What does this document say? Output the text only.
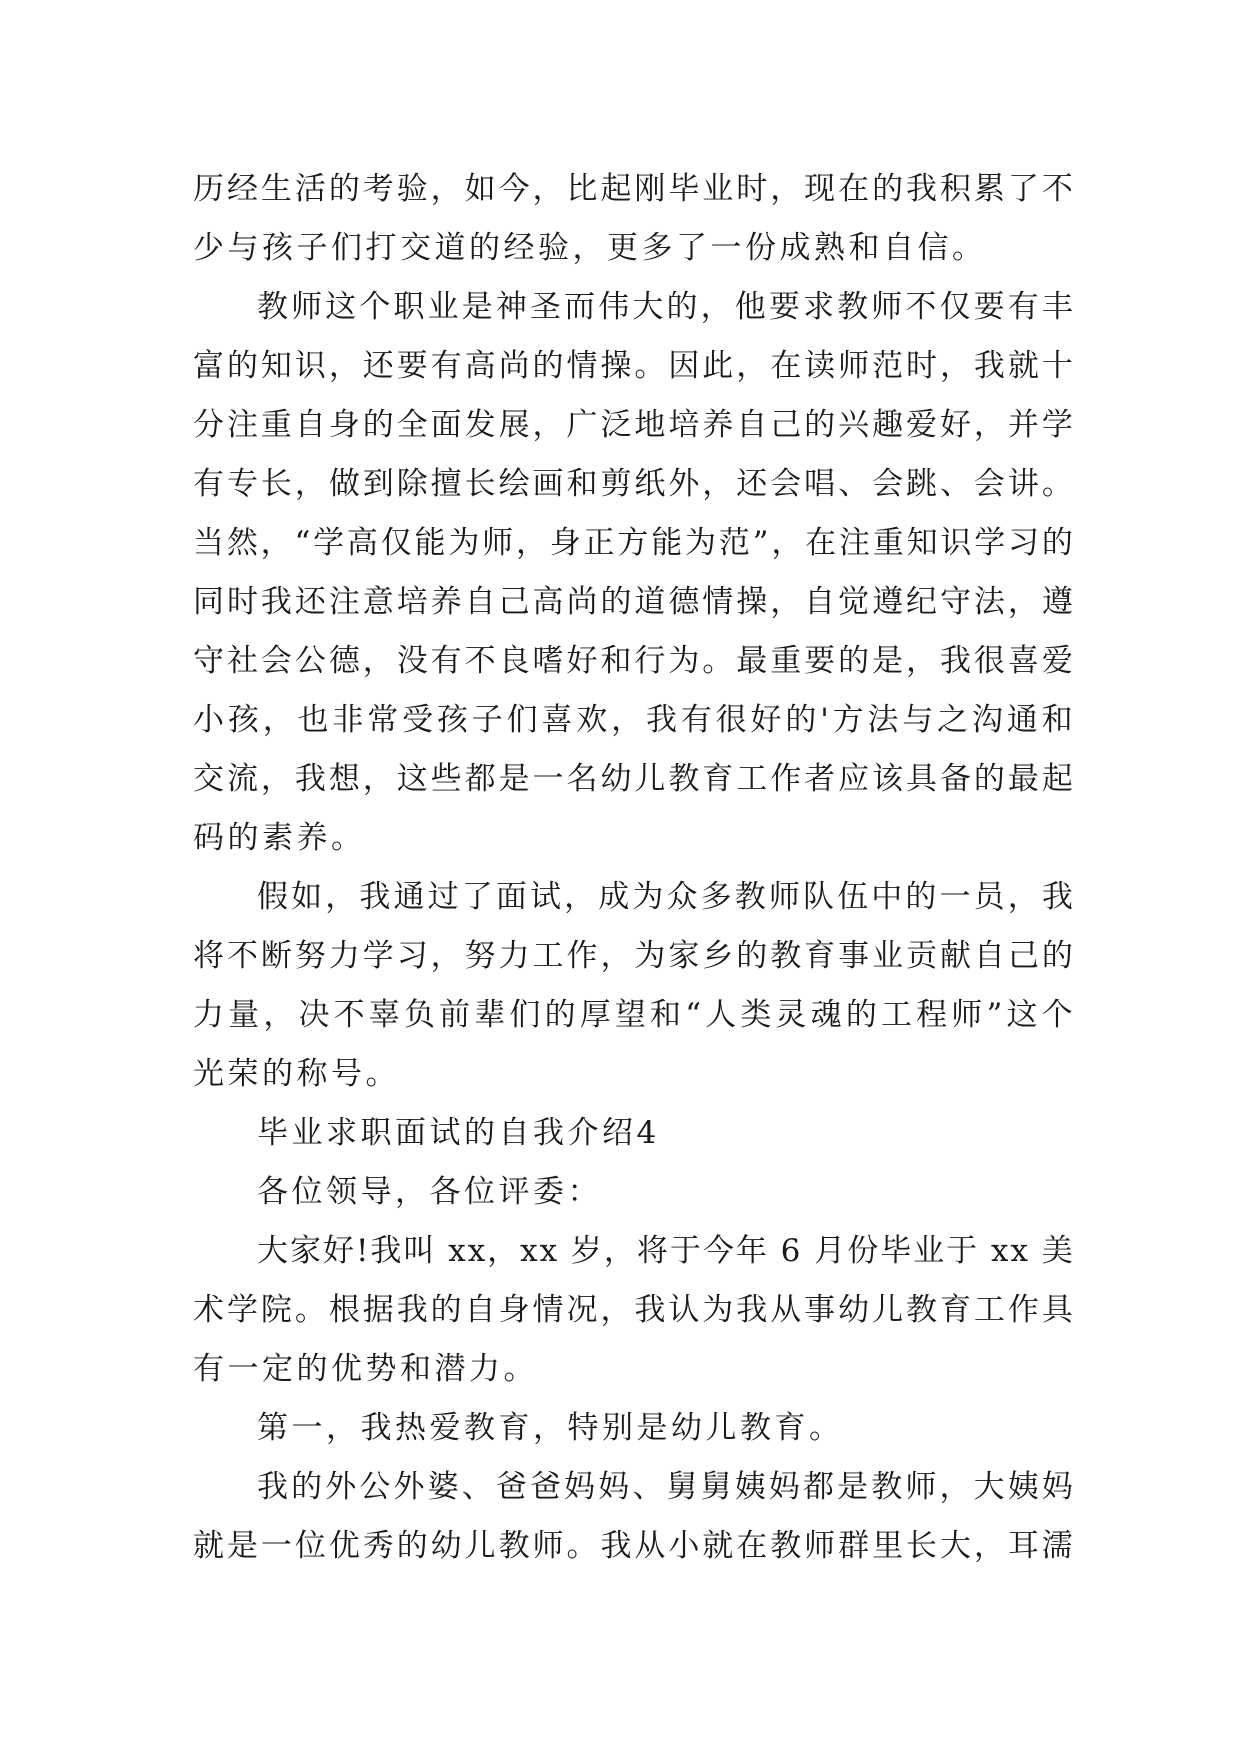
历 经 生 活 的 考 验 ， 如 今 ， 比 起 刚 毕 业 时 ， 现 在 的 我 积 累 了 不
少与孩子们打交道的经验，更多了一份成熟和自信。
教 师 这 个 职 业 是 神 圣 而 伟 大 的 ， 他 要 求 教 师 不 仅 要 有 丰
富 的 知 识 ， 还 要 有 高 尚 的 情 操 。 因 此 ， 在 读 师 范 时 ， 我 就 十
分 注 重 自 身 的 全 面 发 展 ， 广 泛 地 培 养 自 己 的 兴 趣 爱 好 ， 并 学
有 专 长 ， 做 到 除 擅 长 绘 画 和 剪 纸 外 ， 还 会 唱 、 会 跳 、 会 讲 。
当 然 ， “ 学 高 仅 能 为 师 ， 身 正 方 能 为 范 ” ， 在 注 重 知 识 学 习 的
同 时 我 还 注 意 培 养 自 己 高 尚 的 道 德 情 操 ， 自 觉 遵 纪 守 法 ， 遵
守 社 会 公 德 ， 没 有 不 良 嗜 好 和 行 为 。 最 重 要 的 是 ， 我 很 喜 爱
小 孩 ， 也 非 常 受 孩 子 们 喜 欢 ， 我 有 很 好 的 ' 方 法 与 之 沟 通 和
交 流 ， 我 想 ， 这 些 都 是 一 名 幼 儿 教 育 工 作 者 应 该 具 备 的 最 起
码的素养。
假 如 ， 我 通 过 了 面 试 ， 成 为 众 多 教 师 队 伍 中 的 一 员 ， 我
将 不 断 努 力 学 习 ， 努 力 工 作 ， 为 家 乡 的 教 育 事 业 贡 献 自 己 的
力 量 ， 决 不 辜 负 前 辈 们 的 厚 望 和 “ 人 类 灵 魂 的 工 程 师 ” 这 个
光荣的称号。
毕业求职面试的自我介绍4
各位领导，各位评委：
大 家 好 ! 我 叫
x x ， x x
岁 ， 将 于 今 年
6
月 份 毕 业 于
x x
美
术 学 院 。 根 据 我 的 自 身 情 况 ， 我 认 为 我 从 事 幼 儿 教 育 工 作 具
有一定的优势和潜力。
第一，我热爱教育，特别是幼儿教育。
我 的 外 公 外 婆 、 爸 爸 妈 妈 、 舅 舅 姨 妈 都 是 教 师 ， 大 姨 妈
就 是 一 位 优 秀 的 幼 儿 教 师 。 我 从 小 就 在 教 师 群 里 长 大 ， 耳 濡
